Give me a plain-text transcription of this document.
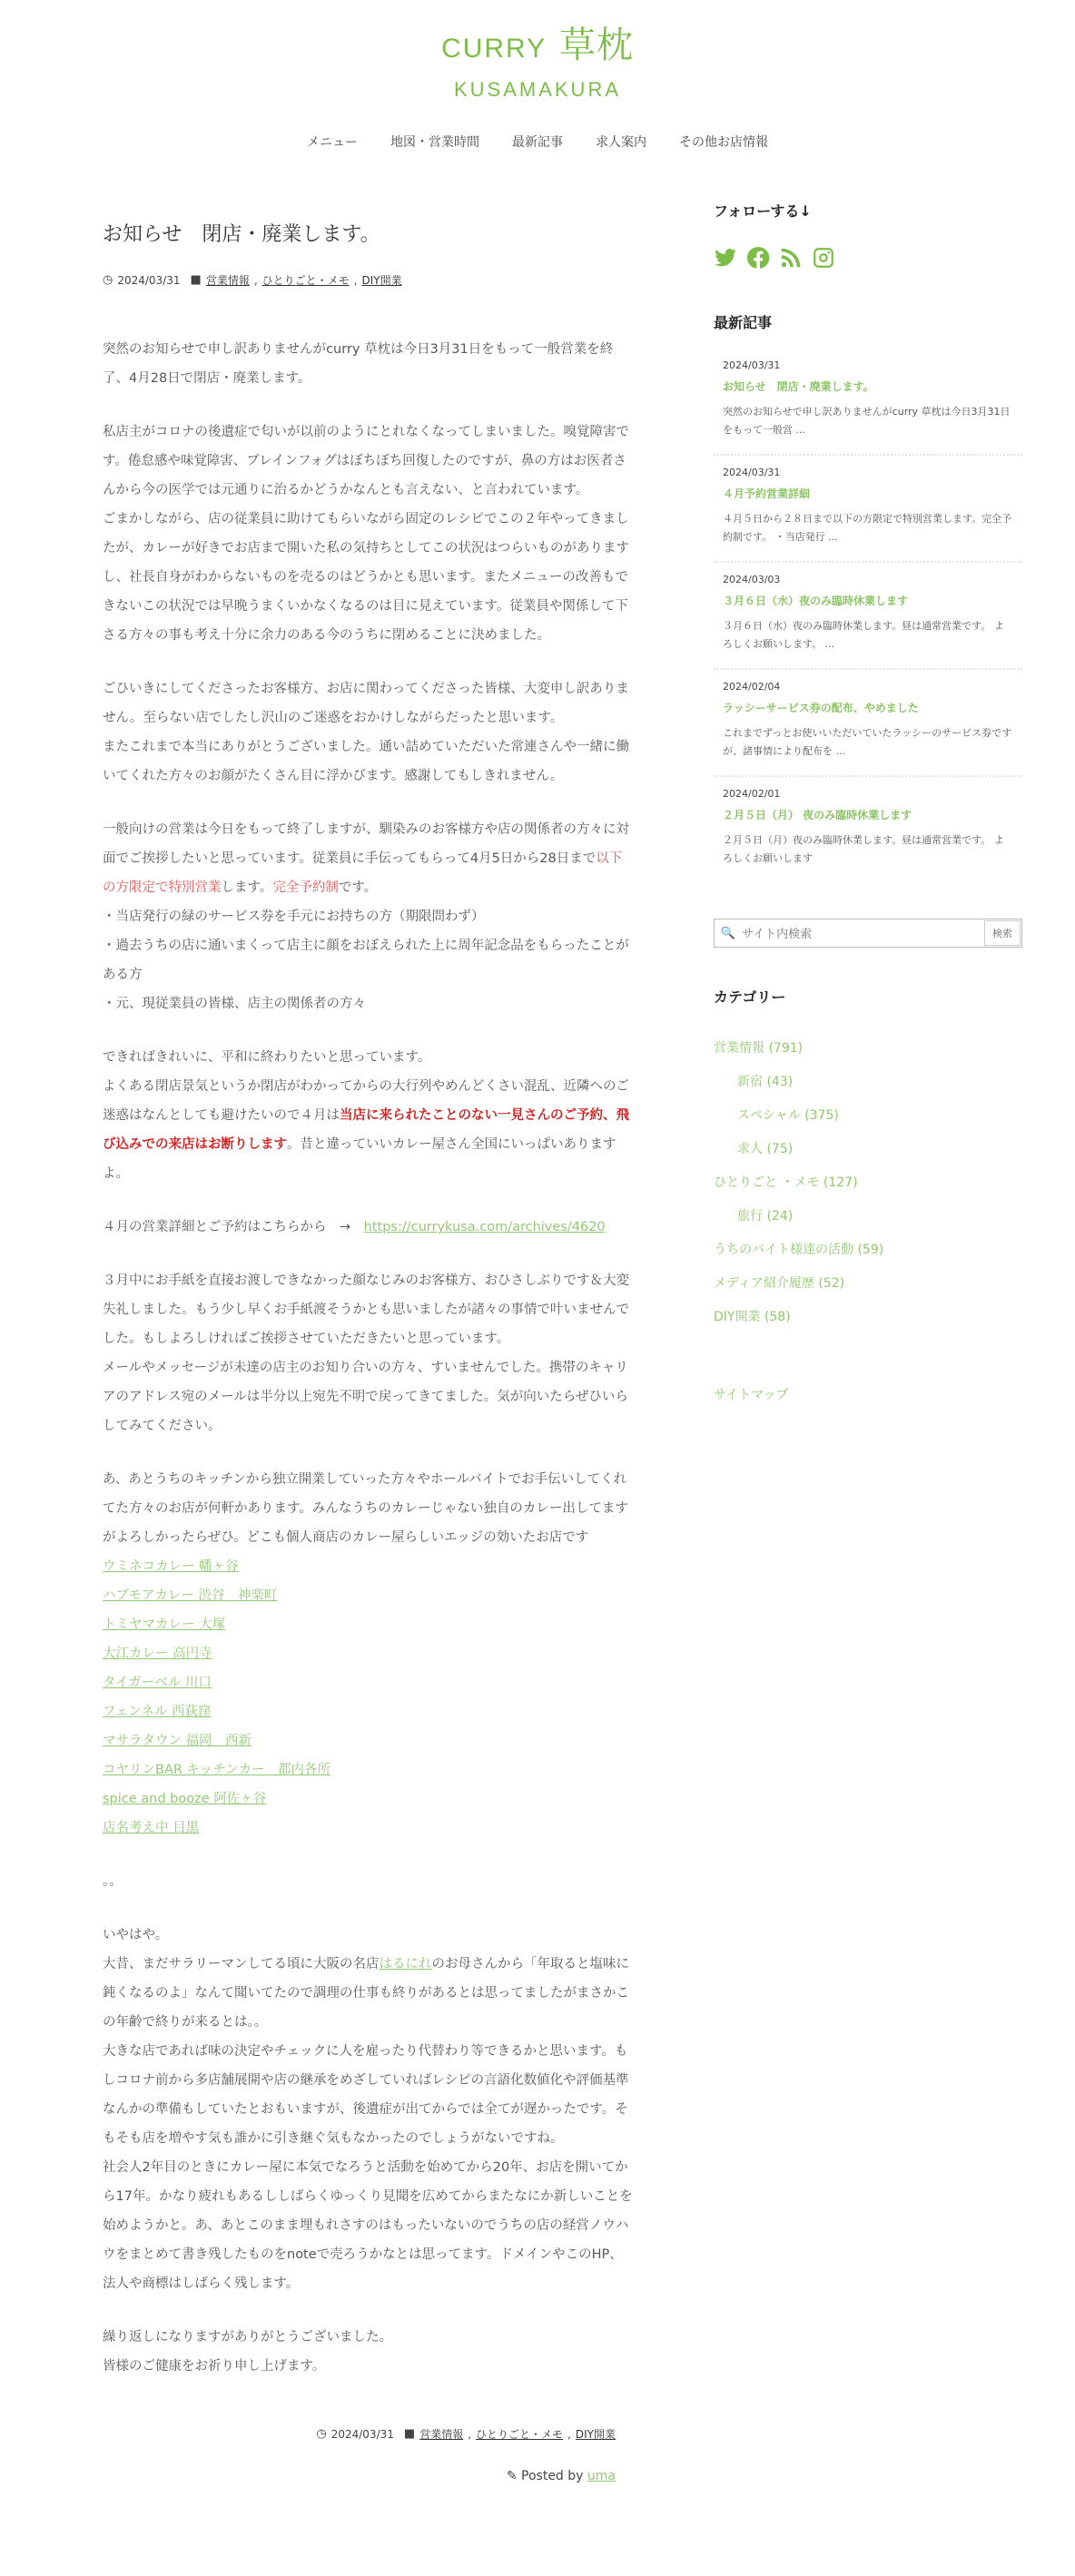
CURRY 草枕
KUSAMAKURA
メニュー	地図・営業時間	最新記事	求人案内	その他お店情報
お知らせ　閉店・廃業します。
◷ 2024/03/31 ■ 営業情報 , ひとりごと・メモ , DIY開業

突然のお知らせで申し訳ありませんがcurry 草枕は今日3月31日をもって一般営業を終了、4月28日で閉店・廃業します。

私店主がコロナの後遺症で匂いが以前のようにとれなくなってしまいました。嗅覚障害です。倦怠感や味覚障害、ブレインフォグはぼちぼち回復したのですが、鼻の方はお医者さんから今の医学では元通りに治るかどうかなんとも言えない、と言われています。
ごまかしながら、店の従業員に助けてもらいながら固定のレシピでこの２年やってきましたが、カレーが好きでお店まで開いた私の気持ちとしてこの状況はつらいものがありますし、社長自身がわからないものを売るのはどうかとも思います。またメニューの改善もできないこの状況では早晩うまくいかなくなるのは目に見えています。従業員や関係して下さる方々の事も考え十分に余力のある今のうちに閉めることに決めました。

ごひいきにしてくださったお客様方、お店に関わってくださった皆様、大変申し訳ありません。至らない店でしたし沢山のご迷惑をおかけしながらだったと思います。
またこれまで本当にありがとうございました。通い詰めていただいた常連さんや一緒に働いてくれた方々のお顔がたくさん目に浮かびます。感謝してもしきれません。

一般向けの営業は今日をもって終了しますが、馴染みのお客様方や店の関係者の方々に対面でご挨拶したいと思っています。従業員に手伝ってもらって4月5日から28日まで以下の方限定で特別営業します。完全予約制です。
・当店発行の緑のサービス券を手元にお持ちの方（期限問わず）
・過去うちの店に通いまくって店主に顔をおぼえられた上に周年記念品をもらったことがある方
・元、現従業員の皆様、店主の関係者の方々

できればきれいに、平和に終わりたいと思っています。
よくある閉店景気というか閉店がわかってからの大行列やめんどくさい混乱、近隣へのご迷惑はなんとしても避けたいので４月は当店に来られたことのない一見さんのご予約、飛び込みでの来店はお断りします。昔と違っていいカレー屋さん全国にいっぱいありますよ。

４月の営業詳細とご予約はこちらから　→　https://currykusa.com/archives/4620

３月中にお手紙を直接お渡しできなかった顔なじみのお客様方、おひさしぶりです＆大変失礼しました。もう少し早くお手紙渡そうかとも思いましたが諸々の事情で叶いませんでした。もしよろしければご挨拶させていただきたいと思っています。
メールやメッセージが未達の店主のお知り合いの方々、すいませんでした。携帯のキャリアのアドレス宛のメールは半分以上宛先不明で戻ってきてました。気が向いたらぜひいらしてみてください。

あ、あとうちのキッチンから独立開業していった方々やホールバイトでお手伝いしてくれてた方々のお店が何軒かあります。みんなうちのカレーじゃない独自のカレー出してますがよろしかったらぜひ。どこも個人商店のカレー屋らしいエッジの効いたお店です
ウミネコカレー 幡ヶ谷
ハブモアカレー 渋谷　神楽町
トミヤマカレー 大塚
大江カレー 高円寺
タイガーベル 川口
フェンネル 西荻窪
マサラタウン 福岡　西新
コヤリンBAR キッチンカー　都内各所
spice and booze 阿佐ヶ谷
店名考え中 目黒

。。

いやはや。
大昔、まだサラリーマンしてる頃に大阪の名店はるにれのお母さんから「年取ると塩味に鈍くなるのよ」なんて聞いてたので調理の仕事も終りがあるとは思ってましたがまさかこの年齢で終りが来るとは。。
大きな店であれば味の決定やチェックに人を雇ったり代替わり等できるかと思います。もしコロナ前から多店舗展開や店の継承をめざしていればレシピの言語化数値化や評価基準なんかの準備もしていたとおもいますが、後遺症が出てからでは全てが遅かったです。そもそも店を増やす気も誰かに引き継ぐ気もなかったのでしょうがないですね。
社会人2年目のときにカレー屋に本気でなろうと活動を始めてから20年、お店を開いてから17年。かなり疲れもあるししばらくゆっくり見聞を広めてからまたなにか新しいことを始めようかと。あ、あとこのまま埋もれさすのはもったいないのでうちの店の経営ノウハウをまとめて書き残したものをnoteで売ろうかなとは思ってます。ドメインやこのHP、法人や商標はしばらく残します。

繰り返しになりますがありがとうございました。
皆様のご健康をお祈り申し上げます。

◷ 2024/03/31 ■ 営業情報 , ひとりごと・メモ , DIY開業
✎ Posted by uma
フォローする↓
最新記事
2024/03/31
お知らせ　閉店・廃業します。
突然のお知らせで申し訳ありませんがcurry 草枕は今日3月31日をもって一般営 ...
2024/03/31
４月予約営業詳細
４月５日から２８日まで以下の方限定で特別営業します。完全予約制です。 ・当店発行 ...
2024/03/03
３月６日（水）夜のみ臨時休業します
３月６日（水）夜のみ臨時休業します。昼は通常営業です。 よろしくお願いします。 ...
2024/02/04
ラッシーサービス券の配布、やめました
これまでずっとお使いいただいていたラッシーのサービス券ですが、諸事情により配布を ...
2024/02/01
２月５日（月） 夜のみ臨時休業します
２月５日（月）夜のみ臨時休業します。昼は通常営業です。 よろしくお願いします
🔍
サイト内検索	検索
カテゴリー
営業情報 (791)
新宿 (43)
スペシャル (375)
求人 (75)
ひとりごと ・メモ (127)
旅行 (24)
うちのバイト様達の活動 (59)
メディア紹介履歴 (52)
DIY開業 (58)
サイトマップ
